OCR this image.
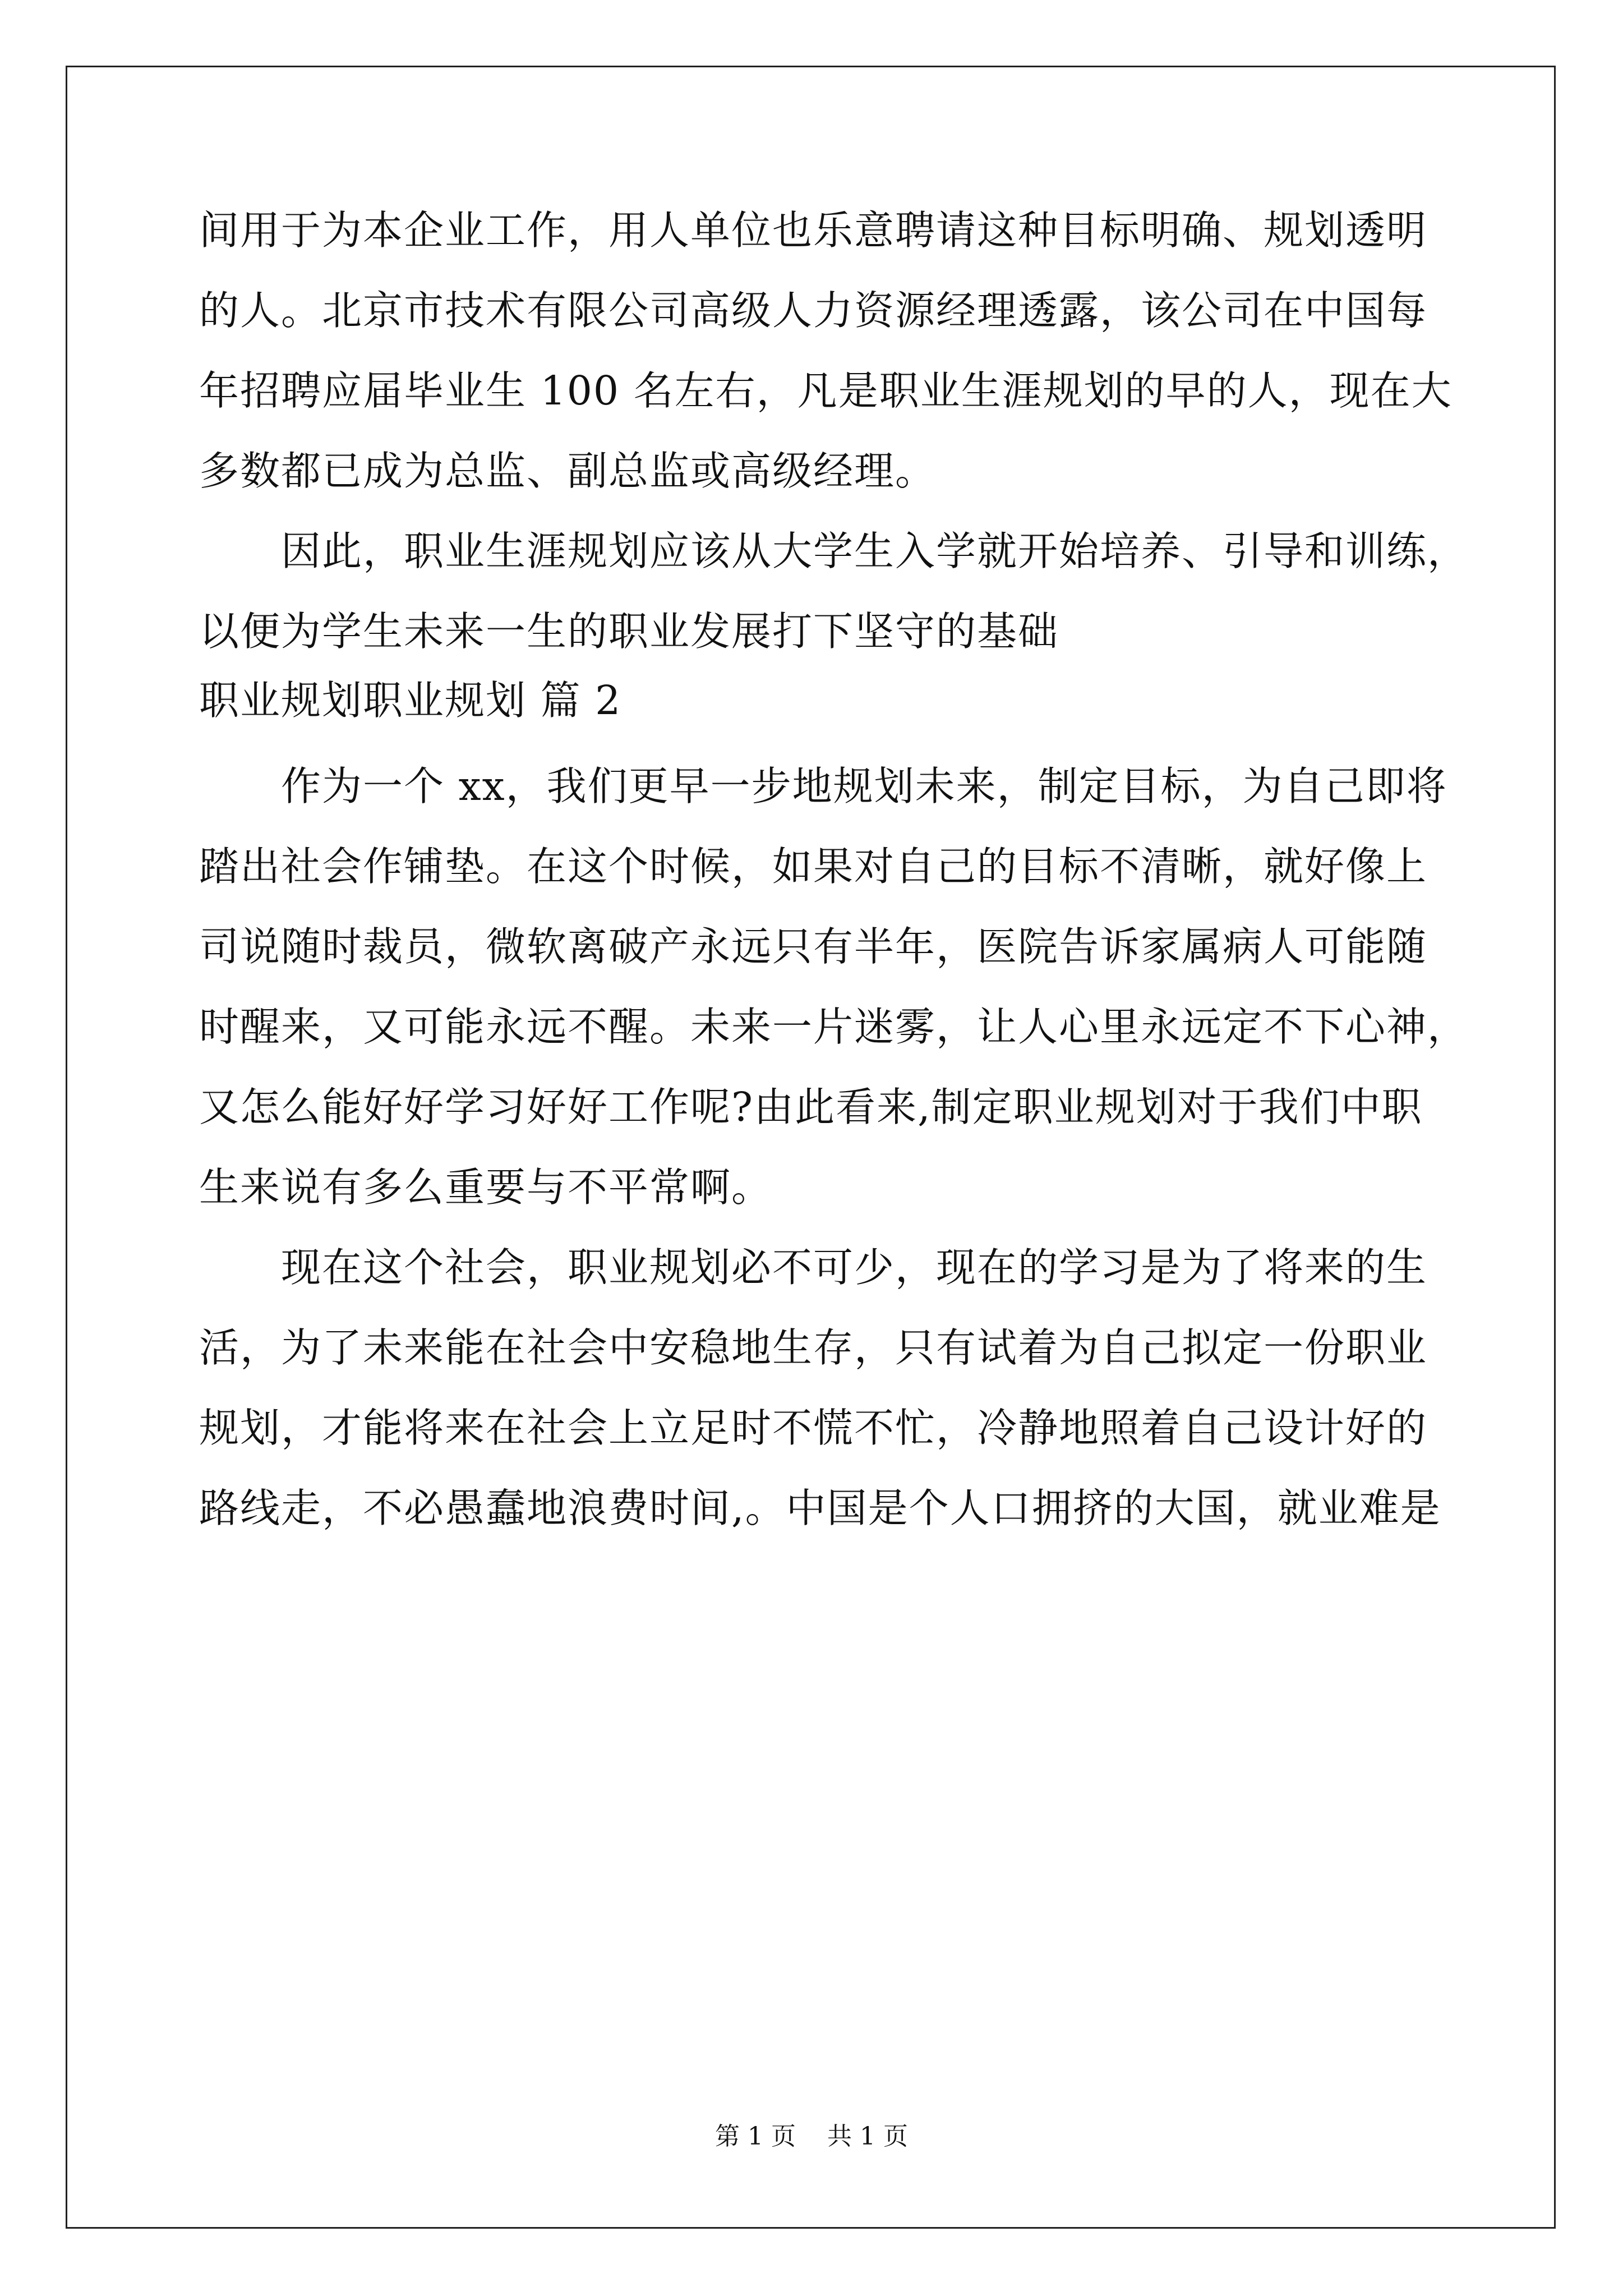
间用于为本企业工作，用人单位也乐意聘请这种目标明确、规划透明
的人。北京市技术有限公司高级人力资源经理透露，该公司在中国每
年招聘应届毕业生 100 名左右，凡是职业生涯规划的早的人，现在大
多数都已成为总监、副总监或高级经理。
因此，职业生涯规划应该从大学生入学就开始培养、引导和训练，
以便为学生未来一生的职业发展打下坚守的基础
职业规划职业规划 篇 2
作为一个 xx，我们更早一步地规划未来，制定目标，为自己即将
踏出社会作铺垫。在这个时候，如果对自己的目标不清晰，就好像上
司说随时裁员，微软离破产永远只有半年，医院告诉家属病人可能随
时醒来，又可能永远不醒。未来一片迷雾，让人心里永远定不下心神，
又怎么能好好学习好好工作呢?由此看来,制定职业规划对于我们中职
生来说有多么重要与不平常啊。
现在这个社会，职业规划必不可少，现在的学习是为了将来的生
活，为了未来能在社会中安稳地生存，只有试着为自己拟定一份职业
规划，才能将来在社会上立足时不慌不忙，冷静地照着自己设计好的
路线走，不必愚蠢地浪费时间,。中国是个人口拥挤的大国，就业难是
第 1 页 共 1 页
